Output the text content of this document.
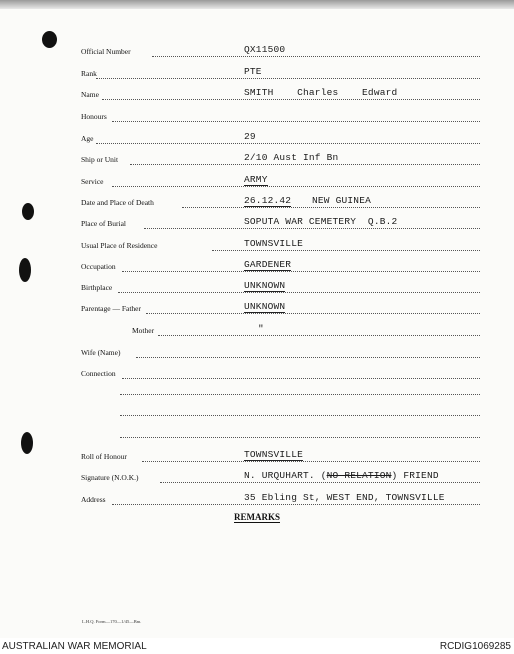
Official Number	QX11500
Rank	PTE
Name	SMITH    Charles    Edward
Honours
Age	29
Ship or Unit	2/10 Aust Inf Bn
Service	ARMY
Date and Place of Death	26.12.42 NEW GUINEA
Place of Burial	SOPUTA WAR CEMETERY  Q.B.2
Usual Place of Residence	TOWNSVILLE
Occupation	GARDENER
Birthplace	UNKNOWN
Parentage — Father	UNKNOWN
Mother	"
Wife (Name)
Connection
Roll of Honour	TOWNSVILLE
Signature (N.O.K.)	N. URQUHART. (NO RELATION) FRIEND
Address	35 Ebling St, WEST END, TOWNSVILLE
REMARKS
L.H.Q. Form—170—1/45—Bm.
AUSTRALIAN WAR MEMORIAL	RCDIG1069285
